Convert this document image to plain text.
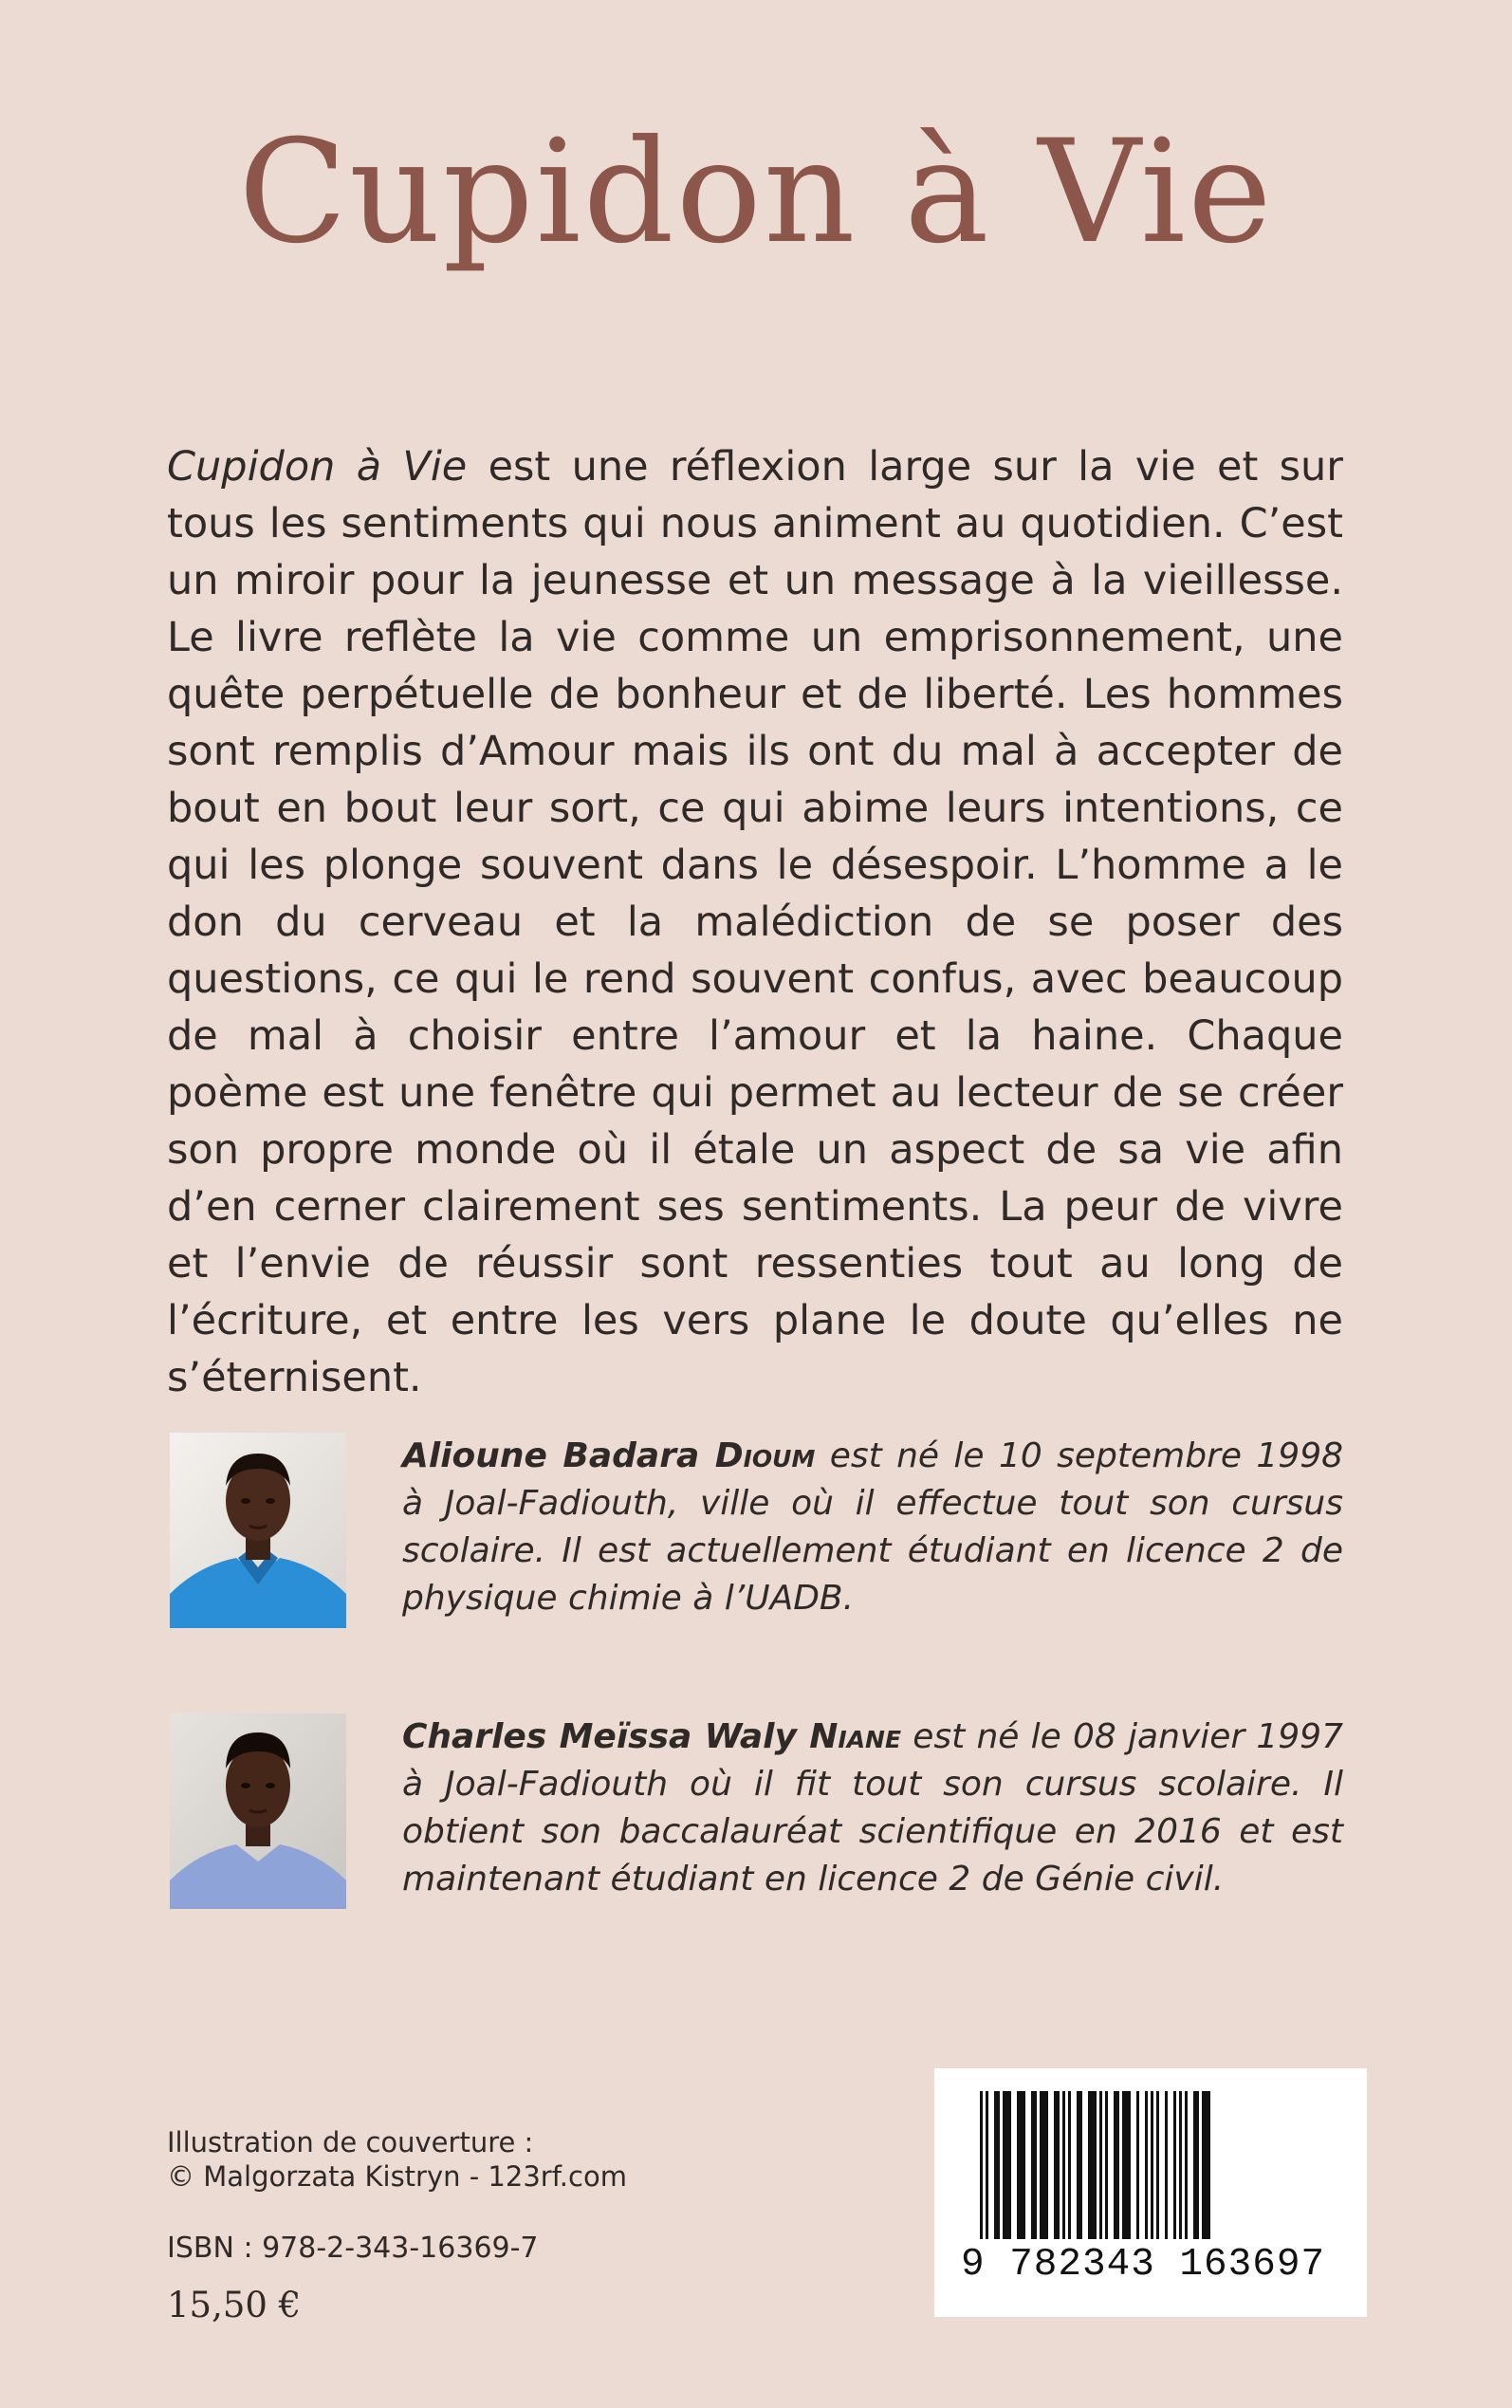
Cupidon à Vie
Cupidon à Vie est une réflexion large sur la vie et sur tous les sentiments qui nous animent au quotidien. C’est un miroir pour la jeunesse et un message à la vieillesse. Le livre reflète la vie comme un emprisonnement, une quête perpétuelle de bonheur et de liberté. Les hommes sont remplis d’Amour mais ils ont du mal à accepter de bout en bout leur sort, ce qui abime leurs intentions, ce qui les plonge souvent dans le désespoir. L’homme a le don du cerveau et la malédiction de se poser des questions, ce qui le rend souvent confus, avec beaucoup de mal à choisir entre l’amour et la haine. Chaque poème est une fenêtre qui permet au lecteur de se créer son propre monde où il étale un aspect de sa vie afin d’en cerner clairement ses sentiments. La peur de vivre et l’envie de réussir sont ressenties tout au long de l’écriture, et entre les vers plane le doute qu’elles ne s’éternisent.
Alioune Badara Dioum est né le 10 septembre 1998 à Joal-Fadiouth, ville où il effectue tout son cursus scolaire. Il est actuellement étudiant en licence 2 de physique chimie à l’UADB.
Charles Meïssa Waly Niane est né le 08 janvier 1997 à Joal-Fadiouth où il fit tout son cursus scolaire. Il obtient son baccalauréat scientifique en 2016 et est maintenant étudiant en licence 2 de Génie civil.
Illustration de couverture :
© Malgorzata Kistryn - 123rf.com
ISBN : 978-2-343-16369-7
15,50 €
9 782343 163697
